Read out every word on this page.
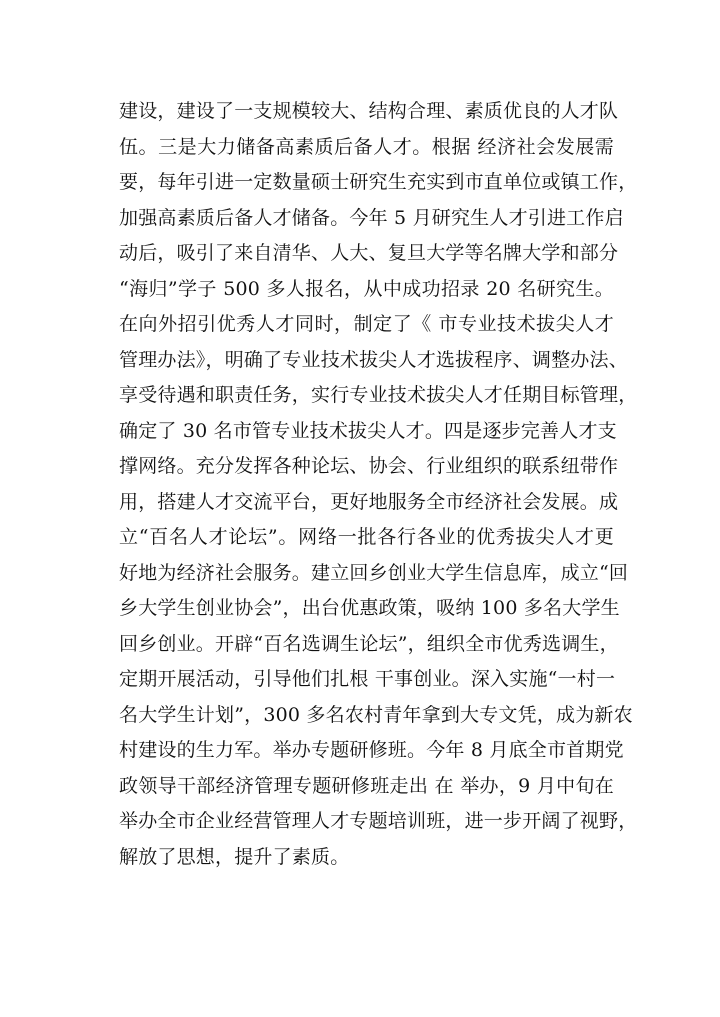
建设，建设了一支规模较大、结构合理、素质优良的人才队
伍。三是大力储备高素质后备人才。根据 经济社会发展需
要，每年引进一定数量硕士研究生充实到市直单位或镇工作，
加强高素质后备人才储备。今年 5 月研究生人才引进工作启
动后，吸引了来自清华、人大、复旦大学等名牌大学和部分
“海归”学子 500 多人报名，从中成功招录 20 名研究生。
在向外招引优秀人才同时，制定了《 市专业技术拔尖人才
管理办法》，明确了专业技术拔尖人才选拔程序、调整办法、
享受待遇和职责任务，实行专业技术拔尖人才任期目标管理，
确定了 30 名市管专业技术拔尖人才。四是逐步完善人才支
撑网络。充分发挥各种论坛、协会、行业组织的联系纽带作
用，搭建人才交流平台，更好地服务全市经济社会发展。成
立“百名人才论坛”。网络一批各行各业的优秀拔尖人才更
好地为经济社会服务。建立回乡创业大学生信息库，成立“回
乡大学生创业协会”，出台优惠政策，吸纳 100 多名大学生
回乡创业。开辟“百名选调生论坛”，组织全市优秀选调生，
定期开展活动，引导他们扎根 干事创业。深入实施“一村一
名大学生计划”，300 多名农村青年拿到大专文凭，成为新农
村建设的生力军。举办专题研修班。今年 8 月底全市首期党
政领导干部经济管理专题研修班走出 在 举办，9 月中旬在
举办全市企业经营管理人才专题培训班，进一步开阔了视野，
解放了思想，提升了素质。
